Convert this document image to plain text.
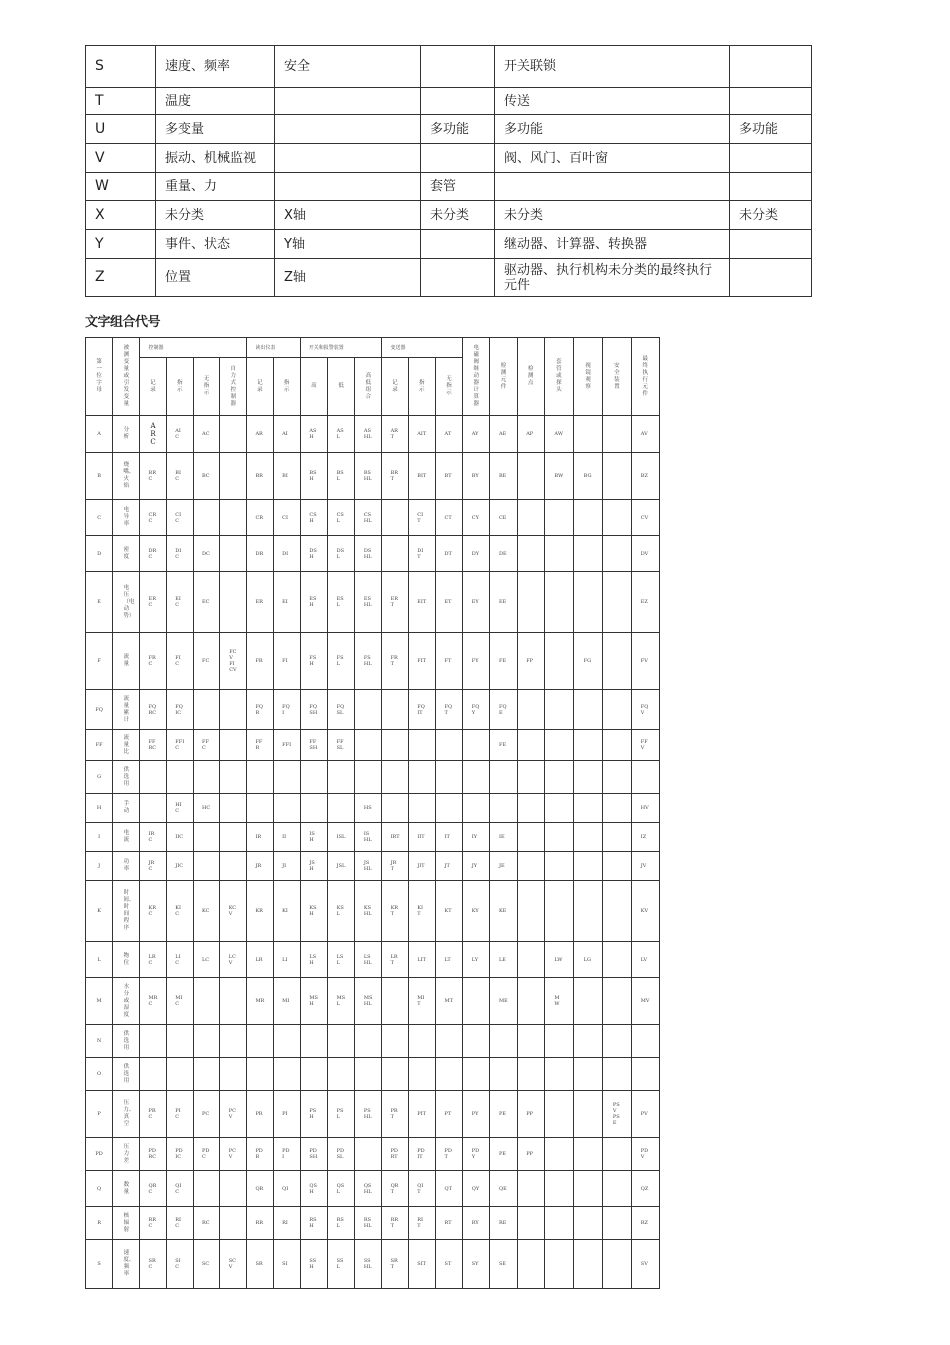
S	速度、频率	安全		开关联锁	

T	温度			传送	

U	多变量		多功能	多功能	多功能

V	振动、机械监视			阀、风门、百叶窗	

W	重量、力		套管		

X	未分类	X轴	未分类	未分类	未分类

Y	事件、状态	Y轴		继动器、计算器、转换器	

Z	位置	Z轴		驱动器、执行机构未分类的最终执行元件	

文字组合代号
第一位字母	被测变量或引发变量	控制器				读出仪表		开关和报警装置			变送器			电磁阀继动器计算器	检测元件	检测点	套管或探头	视镜观察	安全装置	最终执行元件
		记录	指示	无指示	自力式控制器	记录	指示	高	低	高低组合	记录	指示	无指示							
A	分析	ARC	AIC	AC		AR	AI	ASH	ASL	ASHL	ART	AIT	AT	AY	AE	AP	AW			AV
B	烧嘴、火焰	BRC	BIC	BC		BR	BI	BSH	BSL	BSHL	BRT	BIT	BT	BY	BE		BW	BG		BZ
C	电导率	CRC	CIC			CR	CI	CSH	CSL	CSHL		CIT	CT	CY	CE					CV
D	密度	DRC	DIC	DC		DR	DI	DSH	DSL	DSHL		DIT	DT	DY	DE					DV
E	电压（电动势）	ERC	EIC	EC		ER	EI	ESH	ESL	ESHL	ERT	EIT	ET	EY	EE					EZ
F	流量	FRC	FIC	FC	FCV FICV	FR	FI	FSH	FSL	FSHL	FRT	FIT	FT	FY	FE	FP		FG		FV
FQ	流量累计	FQRC	FQIC			FQR	FQI	FQSH	FQSL			FQIT	FQT	FQY	FQE					FQV
FF	流量比	FFRC	FFIC	FFC		FFR	FFI	FFSH	FFSL						FE					FFV
G	供选用																			
H	手动		HIC	HC						HS										HV
I	电流	IRC	IIC			IR	II	ISH	ISL	ISHL	IRT	IIT	IT	IY	IE					IZ
J	功率	JRC	JIC			JR	JI	JSH	JSL	JSHL	JRT	JIT	JT	JY	JE					JV
K	时间、时间程序	KRC	KIC	KC	KCV	KR	KI	KSH	KSL	KSHL	KRT	KIT	KT	KY	KE					KV
L	物位	LRC	LIC	LC	LCV	LR	LI	LSH	LSL	LSHL	LRT	LIT	LT	LY	LE		LW	LG		LV
M	水分或湿度	MRC	MIC			MR	MI	MSH	MSL	MSHL		MIT	MT		ME		MW			MV
N	供选用																			
O	供选用																			
P	压力、真空	PRC	PIC	PC	PCV	PR	PI	PSH	PSL	PSHL	PRT	PIT	PT	PY	PE	PP			PSV PSE	PV
PD	压力差	PDRC	PDIC	PDC	PCV	PDR	PDI	PDSH	PDSL		PDRT	PDIT	PDT	PDY	PE	PP				PDV
Q	数量	QRC	QIC			QR	QI	QSH	QSL	QSHL	QRT	QIT	QT	QY	QE					QZ
R	核辐射	RRC	RIC	RC		RR	RI	RSH	RSL	RSHL	RRT	RIT	RT	RY	RE					RZ
S	速度、频率	SRC	SIC	SC	SCV	SR	SI	SSH	SSL	SSHL	SRT	SIT	ST	SY	SE					SV
